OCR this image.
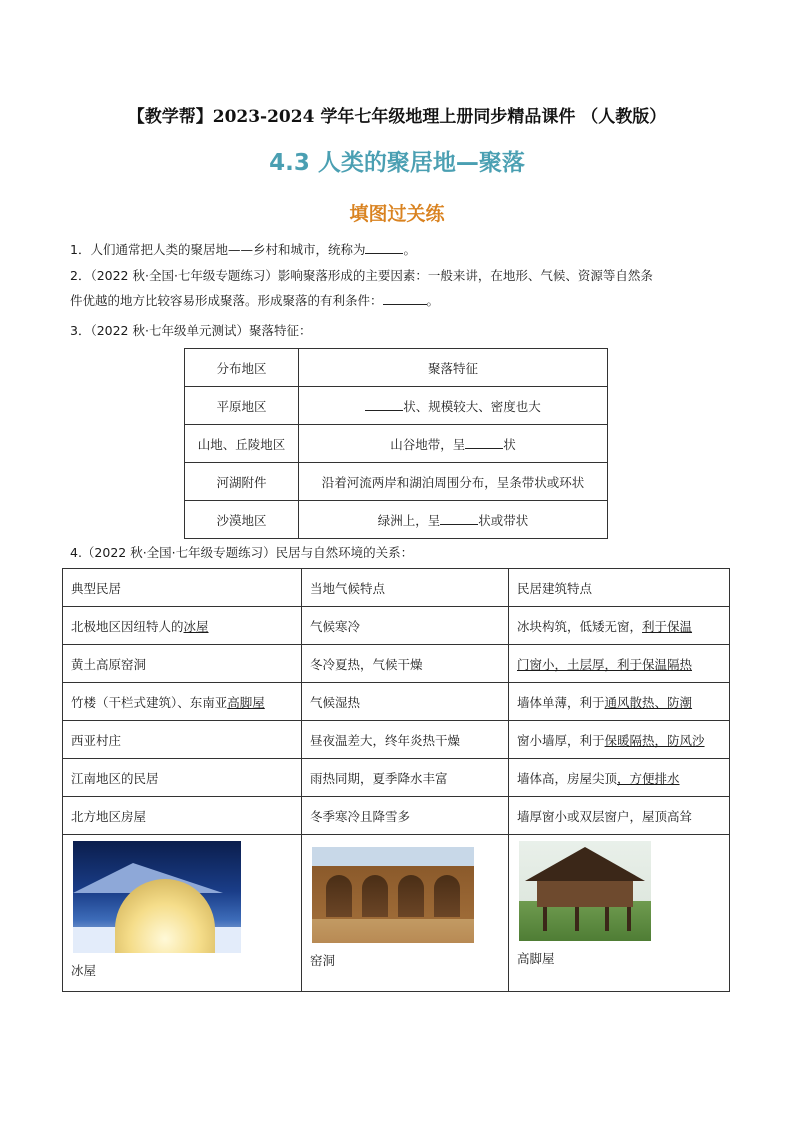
【教学帮】2023-2024 学年七年级地理上册同步精品课件 （人教版）
4.3 人类的聚居地—聚落
填图过关练
1．人们通常把人类的聚居地——乡村和城市，统称为	。
2．（2022 秋·全国·七年级专题练习）影响聚落形成的主要因素：一般来讲，在地形、气候、资源等自然条
件优越的地方比较容易形成聚落。形成聚落的有利条件：	。
3．（2022 秋·七年级单元测试）聚落特征：
分布地区	聚落特征
平原地区	状、规模较大、密度也大
山地、丘陵地区	山谷地带，呈 状
河湖附件	沿着河流两岸和湖泊周围分布，呈条带状或环状
沙漠地区	绿洲上，呈 状或带状
4.（2022 秋·全国·七年级专题练习）民居与自然环境的关系：
典型民居	当地气候特点	民居建筑特点
北极地区因纽特人的冰屋	气候寒冷	冰块构筑，低矮无窗，利于保温
黄土高原窑洞	冬冷夏热，气候干燥	门窗小，土层厚，利于保温隔热
竹楼（干栏式建筑）、东南亚高脚屋	气候湿热	墙体单薄，利于通风散热、防潮
西亚村庄	昼夜温差大，终年炎热干燥	窗小墙厚，利于保暖隔热，防风沙
江南地区的民居	雨热同期，夏季降水丰富	墙体高，房屋尖顶，方便排水
北方地区房屋	冬季寒冷且降雪多	墙厚窗小或双层窗户，屋顶高耸

冰屋	窑洞	高脚屋
